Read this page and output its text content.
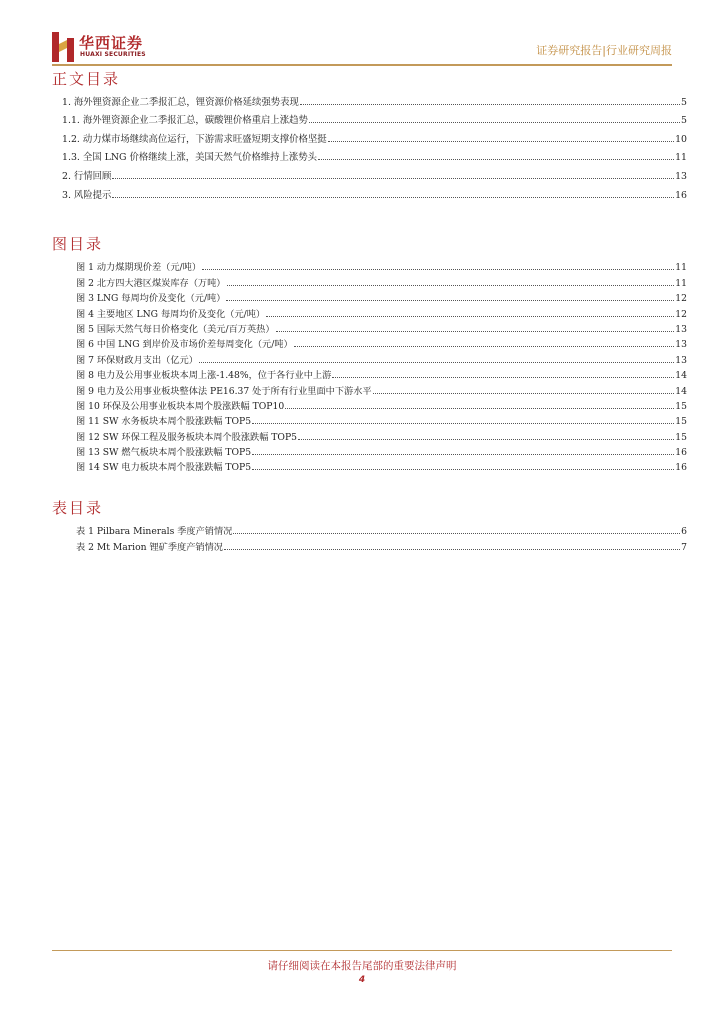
华西证券
HUAXI SECURITIES	证券研究报告|行业研究周报
正文目录
1. 海外锂资源企业二季报汇总，锂资源价格延续强势表现	5
1.1. 海外锂资源企业二季报汇总，碳酸锂价格重启上涨趋势	5
1.2. 动力煤市场继续高位运行，下游需求旺盛短期支撑价格坚挺	10
1.3. 全国 LNG 价格继续上涨，美国天然气价格维持上涨势头	11
2. 行情回顾	13
3. 风险提示	16
图目录
图 1 动力煤期现价差（元/吨）	11
图 2 北方四大港区煤炭库存（万吨）	11
图 3 LNG 每周均价及变化（元/吨）	12
图 4 主要地区 LNG 每周均价及变化（元/吨）	12
图 5 国际天然气每日价格变化（美元/百万英热）	13
图 6 中国 LNG 到岸价及市场价差每周变化（元/吨）	13
图 7 环保财政月支出（亿元）	13
图 8 电力及公用事业板块本周上涨-1.48%，位于各行业中上游	14
图 9 电力及公用事业板块整体法 PE16.37 处于所有行业里面中下游水平	14
图 10 环保及公用事业板块本周个股涨跌幅 TOP10	15
图 11 SW 水务板块本周个股涨跌幅 TOP5	15
图 12 SW 环保工程及服务板块本周个股涨跌幅 TOP5	15
图 13 SW 燃气板块本周个股涨跌幅 TOP5	16
图 14 SW 电力板块本周个股涨跌幅 TOP5	16
表目录
表 1 Pilbara Minerals 季度产销情况	6
表 2 Mt Marion 锂矿季度产销情况	7
请仔细阅读在本报告尾部的重要法律声明
4
